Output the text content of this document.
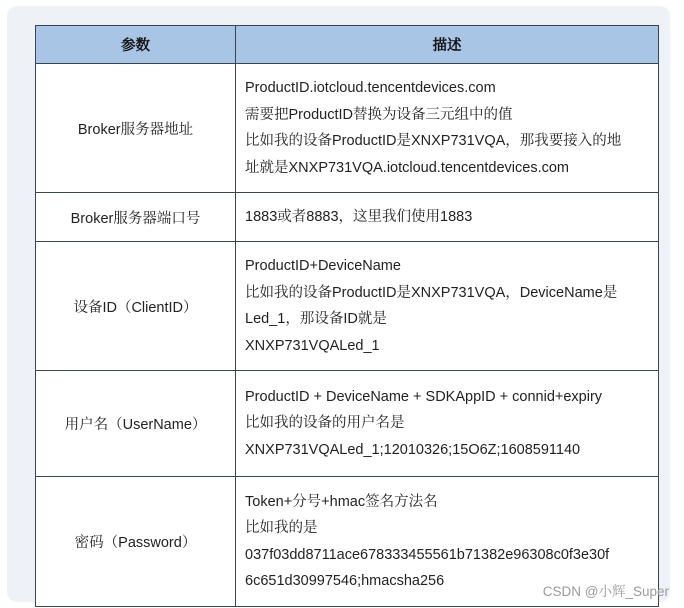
参数	描述
Broker服务器地址	ProductID.iotcloud.tencentdevices.com
需要把ProductID替换为设备三元组中的值
比如我的设备ProductID是XNXP731VQA，那我要接入的地
址就是XNXP731VQA.iotcloud.tencentdevices.com

Broker服务器端口号	1883或者8883，这里我们使用1883

设备ID（ClientID）	ProductID+DeviceName
比如我的设备ProductID是XNXP731VQA，DeviceName是
Led_1，那设备ID就是
XNXP731VQALed_1

用户名（UserName）	ProductID + DeviceName + SDKAppID + connid+expiry
比如我的设备的用户名是
XNXP731VQALed_1;12010326;15O6Z;1608591140

密码（Password）	Token+分号+hmac签名方法名
比如我的是
037f03dd8711ace678333455561b71382e96308c0f3e30f
6c651d30997546;hmacsha256
CSDN @小辉_Super
